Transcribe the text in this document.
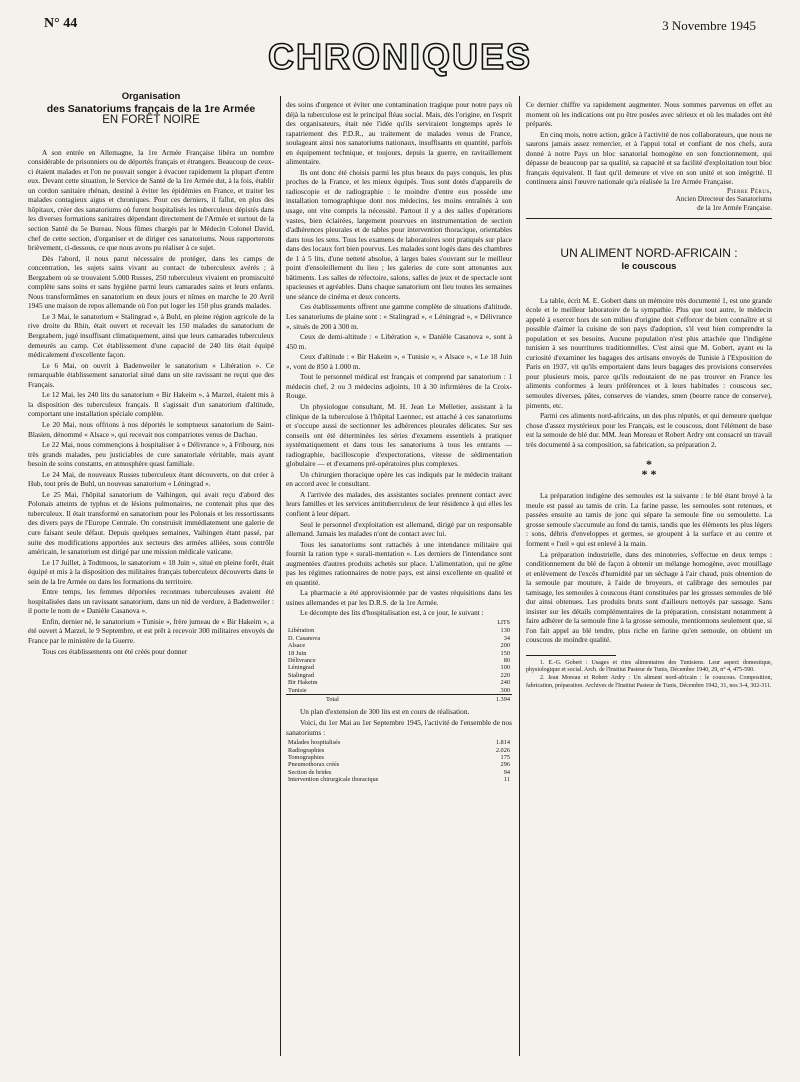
N° 44	3 Novembre 1945
CHRONIQUES

Organisation

des Sanatoriums français de la 1re Armée

EN FORÊT NOIRE

A son entrée en Allemagne, la 1re Armée Française libéra un nombre considérable de prisonniers ou de déportés français et étrangers. Beaucoup de ceux-ci étaient malades et l'on ne pouvait songer à évacuer rapidement la plupart d'entre eux. Devant cette situation, le Service de Santé de la 1re Armée dut, à la fois, établir un cordon sanitaire rhénan, destiné à éviter les épidémies en France, et traiter les malades contagieux aigus et chroniques. Pour ces derniers, il fallut, en plus des hôpitaux, créer des sanatoriums où furent hospitalisés les tuberculeux dépistés dans les diverses formations sanitaires dépendant directement de l'Armée et surtout de la section Santé du 5e Bureau. Nous fûmes chargés par le Médecin Colonel David, chef de cette section, d'organiser et de diriger ces sanatoriums. Nous rapporterons brièvement, ci-dessous, ce que nous avons pu réaliser à ce sujet.

Dès l'abord, il nous parut nécessaire de protéger, dans les camps de concentration, les sujets sains vivant au contact de tuberculeux avérés ; à Bergzabern où se trouvaient 5.000 Russes, 250 tuberculeux vivaient en promiscuité complète sans soins et sans hygiène parmi leurs camarades sains et leurs enfants. Nous transformâmes en sanatorium en deux jours et nîmes en marche le 20 Avril 1945 une maison de repos allemande où l'on put loger les 150 plus grands malades.

Le 3 Mai, le sanatorium « Stalingrad », à Buhl, en pleine région agricole de la rive droite du Rhin, était ouvert et recevait les 150 malades du sanatorium de Bergzabern, jugé insuffisant climatiquement, ainsi que leurs camarades tuberculeux demeurés au camp. Cet établissement d'une capacité de 240 lits était équipé médicalement d'excellente façon.

Le 6 Mai, on ouvrit à Badenweiler le sanatorium « Libération ». Ce remarquable établissement sanatorial situé dans un site ravissant ne reçut que des Français.

Le 12 Mai, les 240 lits du sanatorium « Bir Hakeim », à Marzel, étaient mis à la disposition des tuberculeux français. Il s'agissait d'un sanatorium d'altitude, comportant une installation spéciale complète.

Le 20 Mai, nous offrions à nos déportés le somptueux sanatorium de Saint-Blasien, dénommé « Alsace », qui recevait nos compatriotes venus de Dachau.

Le 22 Mai, nous commençions à hospitaliser à « Délivrance », à Fribourg, nos très grands malades, peu justiciables de cure sanatoriale véritable, mais ayant besoin de soins constants, en atmosphère quasi familiale.

Le 24 Mai, de nouveaux Russes tuberculeux étant découverts, on dut créer à Hub, tout près de Buhl, un nouveau sanatorium « Léningrad ».

Le 25 Mai, l'hôpital sanatorium de Vaihingen, qui avait reçu d'abord des Polonais atteints de typhus et de lésions pulmonaires, ne contenait plus que des tuberculeux. Il était transformé en sanatorium pour les Polonais et les ressortissants des divers pays de l'Europe Centrale. On construisit immédiatement une galerie de cure faisant seule défaut. Depuis quelques semaines, Vaihingen étant passé, par suite des modifications apportées aux secteurs des armées alliées, sous contrôle américain, le sanatorium est dirigé par une mission médicale vaticane.

Le 17 Juillet, à Todtmoos, le sanatorium « 18 Juin », situé en pleine forêt, était équipé et mis à la disposition des militaires français tuberculeux découverts dans le sein de la Ire Armée ou dans les formations du territoire.

Entre temps, les femmes déportées reconnues tuberculeuses avaient été hospitalisées dans un ravissant sanatorium, dans un nid de verdure, à Badenweiler : il porte le nom de « Danièle Casanova ».

Enfin, dernier né, le sanatorium « Tunisie », frère jumeau de « Bir Hakeim », a été ouvert à Marzel, le 9 Septembre, et est prêt à recevoir 300 militaires envoyés de France par le ministère de la Guerre.

Tous ces établissements ont été créés pour donner

des soins d'urgence et éviter une contamination tragique pour notre pays où déjà la tuberculose est le principal fléau social. Mais, dès l'origine, en l'esprit des organisateurs, était née l'idée qu'ils serviraient longtemps après le rapatriement des P.D.R., au traitement de malades venus de France, soulageant ainsi nos sanatoriums nationaux, insuffisants en quantité, parfois en équipement technique, et toujours, depuis la guerre, en ravitaillement alimentaire.

Ils ont donc été choisis parmi les plus beaux du pays conquis, les plus proches de la France, et les mieux équipés. Tous sont dotés d'appareils de radioscopie et de radiographie : le moindre d'entre eux possède une installation tomographique dont nos médecins, les moins entraînés à son usage, ont vite compris la nécessité. Partout il y a des salles d'opérations vastes, bien éclairées, largement pourvues en instrumentation de section d'adhérences pleurales et de tables pour intervention thoracique, orientables dans tous les sens. Tous les examens de laboratoires sont pratiqués sur place dans des locaux fort bien pourvus. Les malades sont logés dans des chambres de 1 à 5 lits, d'une netteté absolue, à larges baies s'ouvrant sur le meilleur point d'ensoleillement du lieu ; les galeries de cure sont attenantes aux bâtiments. Les salles de réfectoire, salons, salles de jeux et de spectacle sont spacieuses et agréables. Dans chaque sanatorium ont lieu toutes les semaines une séance de cinéma et deux concerts.

Ces établissements offrent une gamme complète de situations d'altitude. Les sanatoriums de plaine sont : « Stalingrad », « Léningrad », « Délivrance », situés de 200 à 300 m.

Ceux de demi-altitude : « Libération », « Danièle Casanova », sont à 450 m.

Ceux d'altitude : « Bir Hakeim », « Tunisie », « Alsace », « Le 18 Juin », vont de 850 à 1.000 m.

Tout le personnel médical est français et comprend par sanatorium : 1 médecin chef, 2 ou 3 médecins adjoints, 10 à 30 infirmières de la Croix-Rouge.

Un physiologue consultant, M. H. Jean Le Melletier, assistant à la clinique de la tuberculose à l'hôpital Laennec, est attaché à ces sanatoriums et s'occupe aussi de sectionner les adhérences pleurales délicates. Sur ses conseils ont été déterminées les séries d'examens essentiels à pratiquer systématiquement et dans tous les sanatoriums à tous les entrants — radiographie, bacilloscopie d'expectorations, vitesse de sédimentation globulaire — et d'examens pré-opératoires plus complexes.

Un chirurgien thoracique opère les cas indiqués par le médecin traitant en accord avec le consultant.

A l'arrivée des malades, des assistantes sociales prennent contact avec leurs familles et les services antituberculeux de leur résidence à qui elles les confient à leur départ.

Seul le personnel d'exploitation est allemand, dirigé par un responsable allemand. Jamais les malades n'ont de contact avec lui.

Tous les sanatoriums sont rattachés à une intendance militaire qui fournit la ration type « surali-mentation ». Les derniers de l'intendance sont augmentées d'autres produits achetés sur place. L'alimentation, qui ne gêne pas les régimes rationnaires de notre pays, est ainsi excellente en qualité et en quantité.

La pharmacie a été approvisionnée par de vastes réquisitions dans les usines allemandes et par les D.R.S. de la 1re Armée.

Le décompte des lits d'hospitalisation est, à ce jour, le suivant :

	LITS
Libération	130
D. Casanova	34
Alsace	200
18 Juin	150
Délivrance	80
Léningrad	100
Stalingrad	220
Bir Hakeim	240
Tunisie	300
Total	1.394

Un plan d'extension de 300 lits est en cours de réalisation.

Voici, du 1er Mai au 1er Septembre 1945, l'activité de l'ensemble de nos sanatoriums :

Malades hospitalisés	1.814
Radiographies	2.026
Tomographies	175
Pneumothorax créés	296
Section de brides	94
Intervention chirurgicale thoracique	11

Ce dernier chiffre va rapidement augmenter. Nous sommes parvenus en effet au moment où les indications ont pu être posées avec sérieux et où les malades ont été préparés.

En cinq mois, notre action, grâce à l'activité de nos collaborateurs, que nous ne saurons jamais assez remercier, et à l'appui total et confiant de nos chefs, aura donné à notre Pays un bloc sanatorial homogène en son fonctionnement, qui dépasse de beaucoup par sa qualité, sa capacité et sa facilité d'exploitation tout bloc français équivalent. Il faut qu'il demeure et vive en son unité et son intégrité. Il continuera ainsi l'œuvre nationale qu'a réalisée la 1re Armée Française.

Pierre Pérus,
Ancien Directeur des Sanatoriums
de la 1re Armée Française.

UN ALIMENT NORD-AFRICAIN :

le couscous

La table, écrit M. E. Gobert dans un mémoire très documenté 1, est une grande école et le meilleur laboratoire de la sympathie. Plus que tout autre, le médecin appelé à exercer hors de son milieu d'origine doit s'efforcer de bien connaître et si possible d'aimer la cuisine de son pays d'adoption, s'il veut bien comprendre la population et ses besoins. Aucune population n'est plus attachée que l'indigène tunisien à ses nourritures traditionnelles. C'est ainsi que M. Gobert, ayant eu la curiosité d'examiner les bagages des artisans envoyés de Tunisie à l'Exposition de Paris en 1937, vit qu'ils emportaient dans leurs bagages des provisions conservées pour plusieurs mois, parce qu'ils redoutaient de ne pas trouver en France les aliments conformes à leurs préférences et à leurs habitudes : couscous sec, semoules diverses, pâtes, conserves de viandes, smen (beurre rance de conserve), piments, etc.

Parmi ces aliments nord-africains, un des plus réputés, et qui demeure quelque chose d'assez mystérieux pour les Français, est le couscous, dont l'élément de base est la semoule de blé dur. MM. Jean Moreau et Robert Ardry ont consacré un travail très documenté à sa composition, sa fabrication, sa préparation 2.

*
* *

La préparation indigène des semoules est la suivante : le blé étant broyé à la meule est passé au tamis de crin. La farine passe, les semoules sont retenues, et passées ensuite au tamis de jonc qui sépare la semoule fine ou semoulette. La grosse semoule s'accumule au fond du tamis, tandis que les éléments les plus légers : sons, débris d'enveloppes et germes, se groupent à la surface et au centre et forment « l'œil » qui est enlevé à la main.

La préparation industrielle, dans des minoteries, s'effectue en deux temps : conditionnement du blé de façon à obtenir un mélange homogène, avec mouillage et enlèvement de l'excès d'humidité par un séchage à l'air chaud, puis obtention de la semoule par mouture, à l'aide de broyeurs, et calibrage des semoules par tamisage, les semoules à couscous étant constituées par les grosses semoules de blé dur ainsi obtenues. Les produits bruts sont d'ailleurs nettoyés par sassage. Sans insister sur les détails complémentaires de la préparation, consistant notamment à faire adhérer de la semoule fine à la grosse semoule, mentionnons seulement que, si l'on fait appel au blé tendre, plus riche en farine qu'en semoule, on obtient un couscous de moindre qualité.

1. E.-G. Gobert : Usages et rites alimentaires des Tunisiens. Leur aspect domestique, physiologique et social. Arch. de l'Institut Pasteur de Tunis, Décembre 1940, 29, n° 4, 475-590.

2. Jean Moreau et Robert Ardry : Un aliment nord-africain : le couscous. Composition, fabrication, préparation. Archives de l'Institut Pasteur de Tunis, Décembre 1942, 31, nos 3-4, 302-311.
